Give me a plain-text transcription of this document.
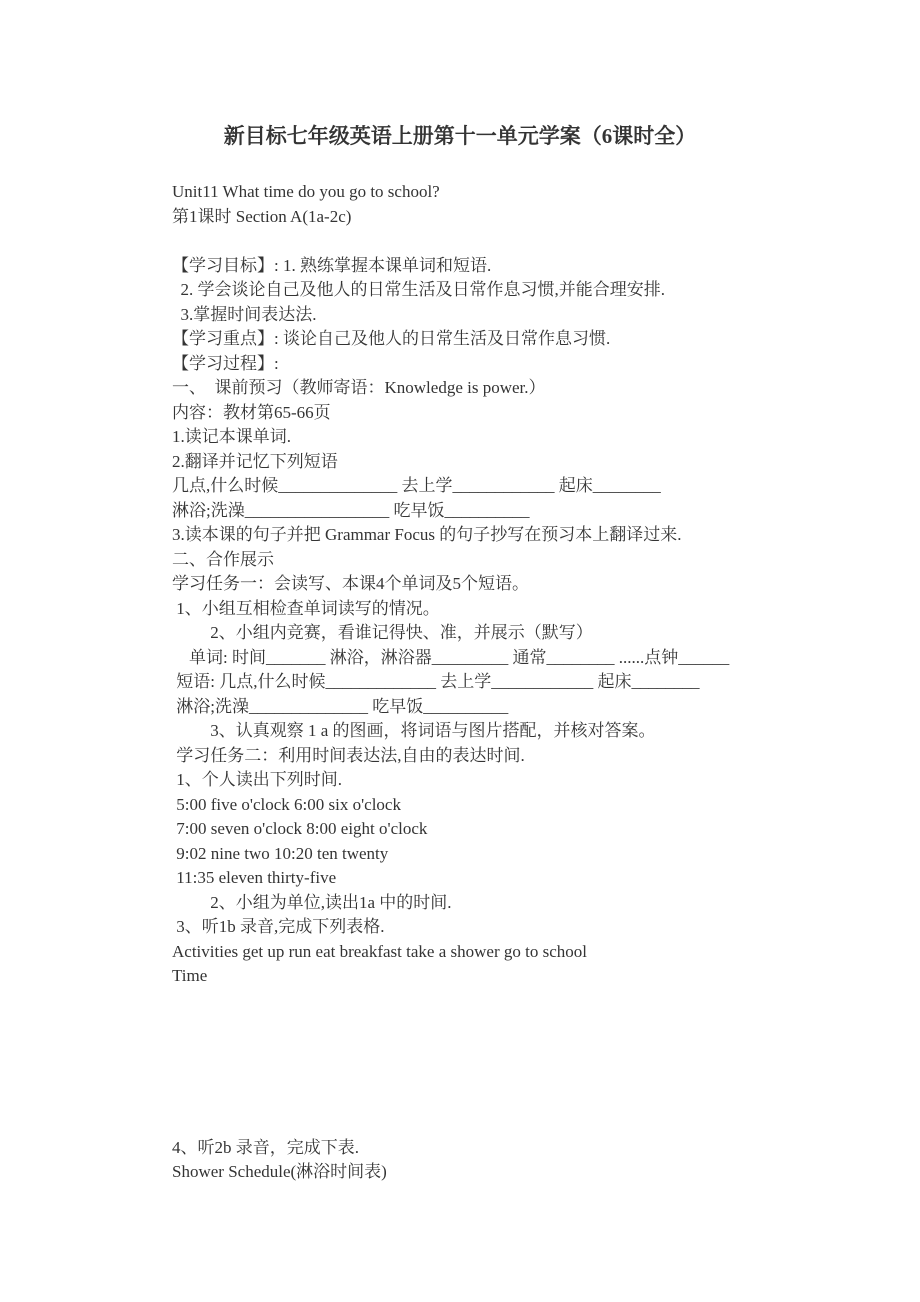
新目标七年级英语上册第十一单元学案（6课时全）
Unit11 What time do you go to school?
第1课时 Section A(1a-2c)
【学习目标】: 1. 熟练掌握本课单词和短语.
2. 学会谈论自己及他人的日常生活及日常作息习惯,并能合理安排.
3.掌握时间表达法.
【学习重点】: 谈论自己及他人的日常生活及日常作息习惯.
【学习过程】:
一、  课前预习（教师寄语：Knowledge is power.）
内容：教材第65-66页
1.读记本课单词.
2.翻译并记忆下列短语
几点,什么时候______________ 去上学____________ 起床________
淋浴;洗澡_________________ 吃早饭__________
3.读本课的句子并把 Grammar Focus 的句子抄写在预习本上翻译过来.
二、合作展示
学习任务一：会读写、本课4个单词及5个短语。
1、小组互相检查单词读写的情况。
2、小组内竞赛，看谁记得快、准，并展示（默写）
单词: 时间_______ 淋浴，淋浴器_________ 通常________ ......点钟______
短语: 几点,什么时候_____________ 去上学____________ 起床________
淋浴;洗澡______________ 吃早饭__________
3、认真观察 1 a 的图画，将词语与图片搭配，并核对答案。
学习任务二：利用时间表达法,自由的表达时间.
1、个人读出下列时间.
5:00 five o'clock 6:00 six o'clock
7:00 seven o'clock 8:00 eight o'clock
9:02 nine two 10:20 ten twenty
11:35 eleven thirty-five
2、小组为单位,读出1a 中的时间.
3、听1b 录音,完成下列表格.
Activities get up run eat breakfast take a shower go to school
Time
4、听2b 录音，完成下表.
Shower Schedule(淋浴时间表)
